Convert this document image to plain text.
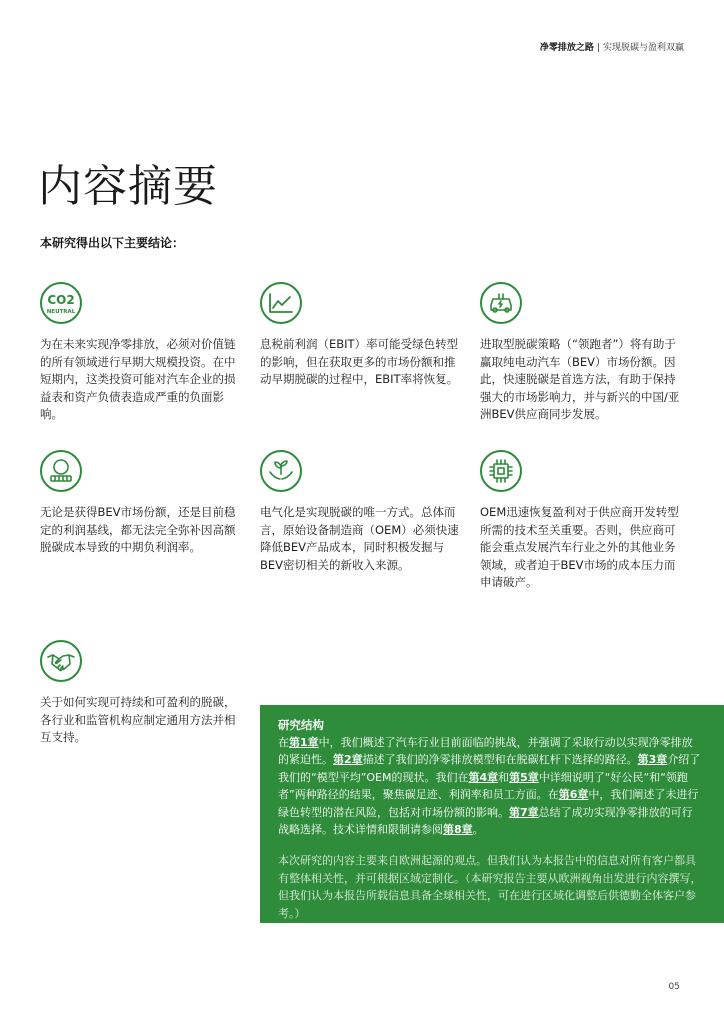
净零排放之路 | 实现脱碳与盈利双赢
内容摘要
本研究得出以下主要结论：
CO2
NEUTRAL

为在未来实现净零排放，必须对价值链的所有领域进行早期大规模投资。在中短期内，这类投资可能对汽车企业的损益表和资产负债表造成严重的负面影响。

息税前利润（EBIT）率可能受绿色转型的影响，但在获取更多的市场份额和推动早期脱碳的过程中，EBIT率将恢复。

进取型脱碳策略（“领跑者”）将有助于赢取纯电动汽车（BEV）市场份额。因此，快速脱碳是首选方法，有助于保持强大的市场影响力，并与新兴的中国/亚洲BEV供应商同步发展。

无论是获得BEV市场份额，还是目前稳定的利润基线，都无法完全弥补因高额脱碳成本导致的中期负利润率。

电气化是实现脱碳的唯一方式。总体而言，原始设备制造商（OEM）必须快速降低BEV产品成本，同时积极发掘与BEV密切相关的新收入来源。

OEM迅速恢复盈利对于供应商开发转型所需的技术至关重要。否则，供应商可能会重点发展汽车行业之外的其他业务领域，或者迫于BEV市场的成本压力而申请破产。

关于如何实现可持续和可盈利的脱碳，各行业和监管机构应制定通用方法并相互支持。

研究结构

在第1章中，我们概述了汽车行业目前面临的挑战，并强调了采取行动以实现净零排放的紧迫性。第2章描述了我们的净零排放模型和在脱碳杠杆下选择的路径。第3章介绍了我们的“模型平均”OEM的现状。我们在第4章和第5章中详细说明了“好公民”和“领跑者”两种路径的结果，聚焦碳足迹、利润率和员工方面。在第6章中，我们阐述了未进行绿色转型的潜在风险，包括对市场份额的影响。第7章总结了成功实现净零排放的可行战略选择。技术详情和限制请参阅第8章。

本次研究的内容主要来自欧洲起源的观点。但我们认为本报告中的信息对所有客户都具有整体相关性，并可根据区域定制化。（本研究报告主要从欧洲视角出发进行内容撰写，但我们认为本报告所载信息具备全球相关性，可在进行区域化调整后供德勤全体客户参考。）

05
